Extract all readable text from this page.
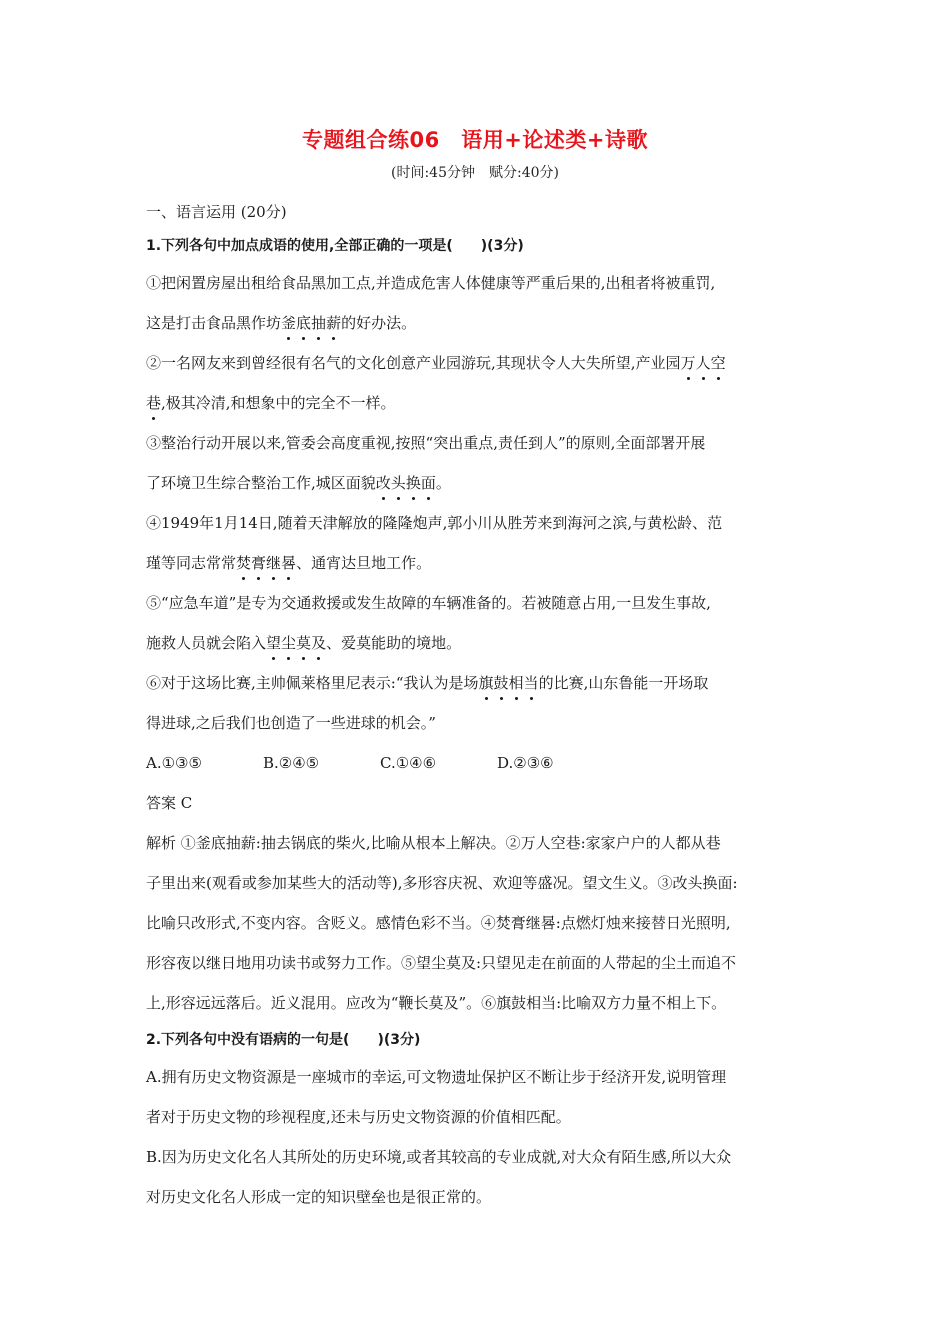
专题组合练06　语用+论述类+诗歌
(时间:45分钟　赋分:40分)

一、语言运用 (20分)

1.下列各句中加点成语的使用,全部正确的一项是(　　)(3分)

①把闲置房屋出租给食品黑加工点,并造成危害人体健康等严重后果的,出租者将被重罚,

这是打击食品黑作坊釜底抽薪的好办法。

②一名网友来到曾经很有名气的文化创意产业园游玩,其现状令人大失所望,产业园万人空

巷,极其冷清,和想象中的完全不一样。

③整治行动开展以来,管委会高度重视,按照“突出重点,责任到人”的原则,全面部署开展

了环境卫生综合整治工作,城区面貌改头换面。

④1949年1月14日,随着天津解放的隆隆炮声,郭小川从胜芳来到海河之滨,与黄松龄、范

瑾等同志常常焚膏继晷、通宵达旦地工作。

⑤“应急车道”是专为交通救援或发生故障的车辆准备的。若被随意占用,一旦发生事故,

施救人员就会陷入望尘莫及、爱莫能助的境地。

⑥对于这场比赛,主帅佩莱格里尼表示:“我认为是场旗鼓相当的比赛,山东鲁能一开场取

得进球,之后我们也创造了一些进球的机会。”

A.①③⑤	B.②④⑤	C.①④⑥	D.②③⑥

答案 C

解析 ①釜底抽薪:抽去锅底的柴火,比喻从根本上解决。②万人空巷:家家户户的人都从巷

子里出来(观看或参加某些大的活动等),多形容庆祝、欢迎等盛况。望文生义。③改头换面:

比喻只改形式,不变内容。含贬义。感情色彩不当。④焚膏继晷:点燃灯烛来接替日光照明,

形容夜以继日地用功读书或努力工作。⑤望尘莫及:只望见走在前面的人带起的尘土而追不

上,形容远远落后。近义混用。应改为“鞭长莫及”。⑥旗鼓相当:比喻双方力量不相上下。

2.下列各句中没有语病的一句是(　　)(3分)

A.拥有历史文物资源是一座城市的幸运,可文物遗址保护区不断让步于经济开发,说明管理

者对于历史文物的珍视程度,还未与历史文物资源的价值相匹配。

B.因为历史文化名人其所处的历史环境,或者其较高的专业成就,对大众有陌生感,所以大众

对历史文化名人形成一定的知识壁垒也是很正常的。
